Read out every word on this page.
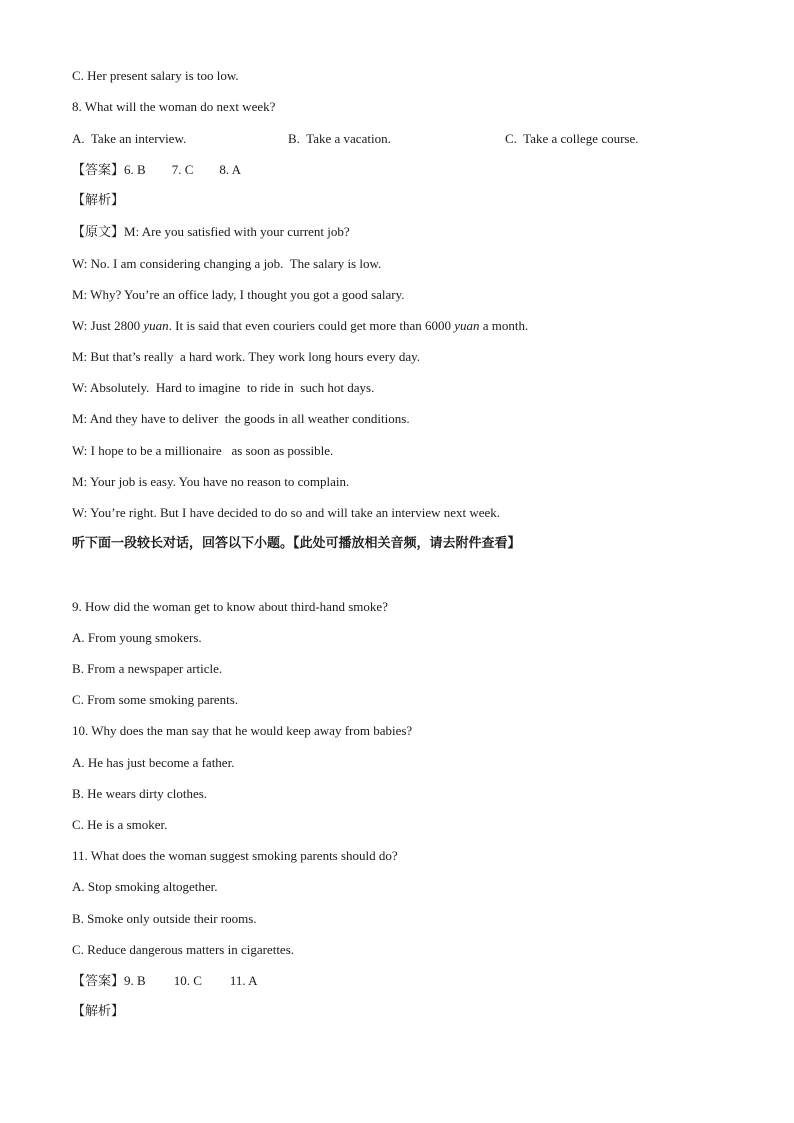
C. Her present salary is too low.
8. What will the woman do next week?
A.  Take an interview.	B.  Take a vacation.	C.  Take a college course.
【答案】6. B 7. C 8. A
【解析】
【原文】M: Are you satisfied with your current job?
W: No. I am considering changing a job.  The salary is low.
M: Why? You’re an office lady, I thought you got a good salary.
W: Just 2800 yuan. It is said that even couriers could get more than 6000 yuan a month.
M: But that’s really  a hard work. They work long hours every day.
W: Absolutely.  Hard to imagine  to ride in  such hot days.
M: And they have to deliver  the goods in all weather conditions.
W: I hope to be a millionaire   as soon as possible.
M: Your job is easy. You have no reason to complain.
W: You’re right. But I have decided to do so and will take an interview next week.
听下面一段较长对话，回答以下小题。【此处可播放相关音频，请去附件查看】
9. How did the woman get to know about third-hand smoke?
A. From young smokers.
B. From a newspaper article.
C. From some smoking parents.
10. Why does the man say that he would keep away from babies?
A. He has just become a father.
B. He wears dirty clothes.
C. He is a smoker.
11. What does the woman suggest smoking parents should do?
A. Stop smoking altogether.
B. Smoke only outside their rooms.
C. Reduce dangerous matters in cigarettes.
【答案】9. B 10. C 11. A
【解析】
